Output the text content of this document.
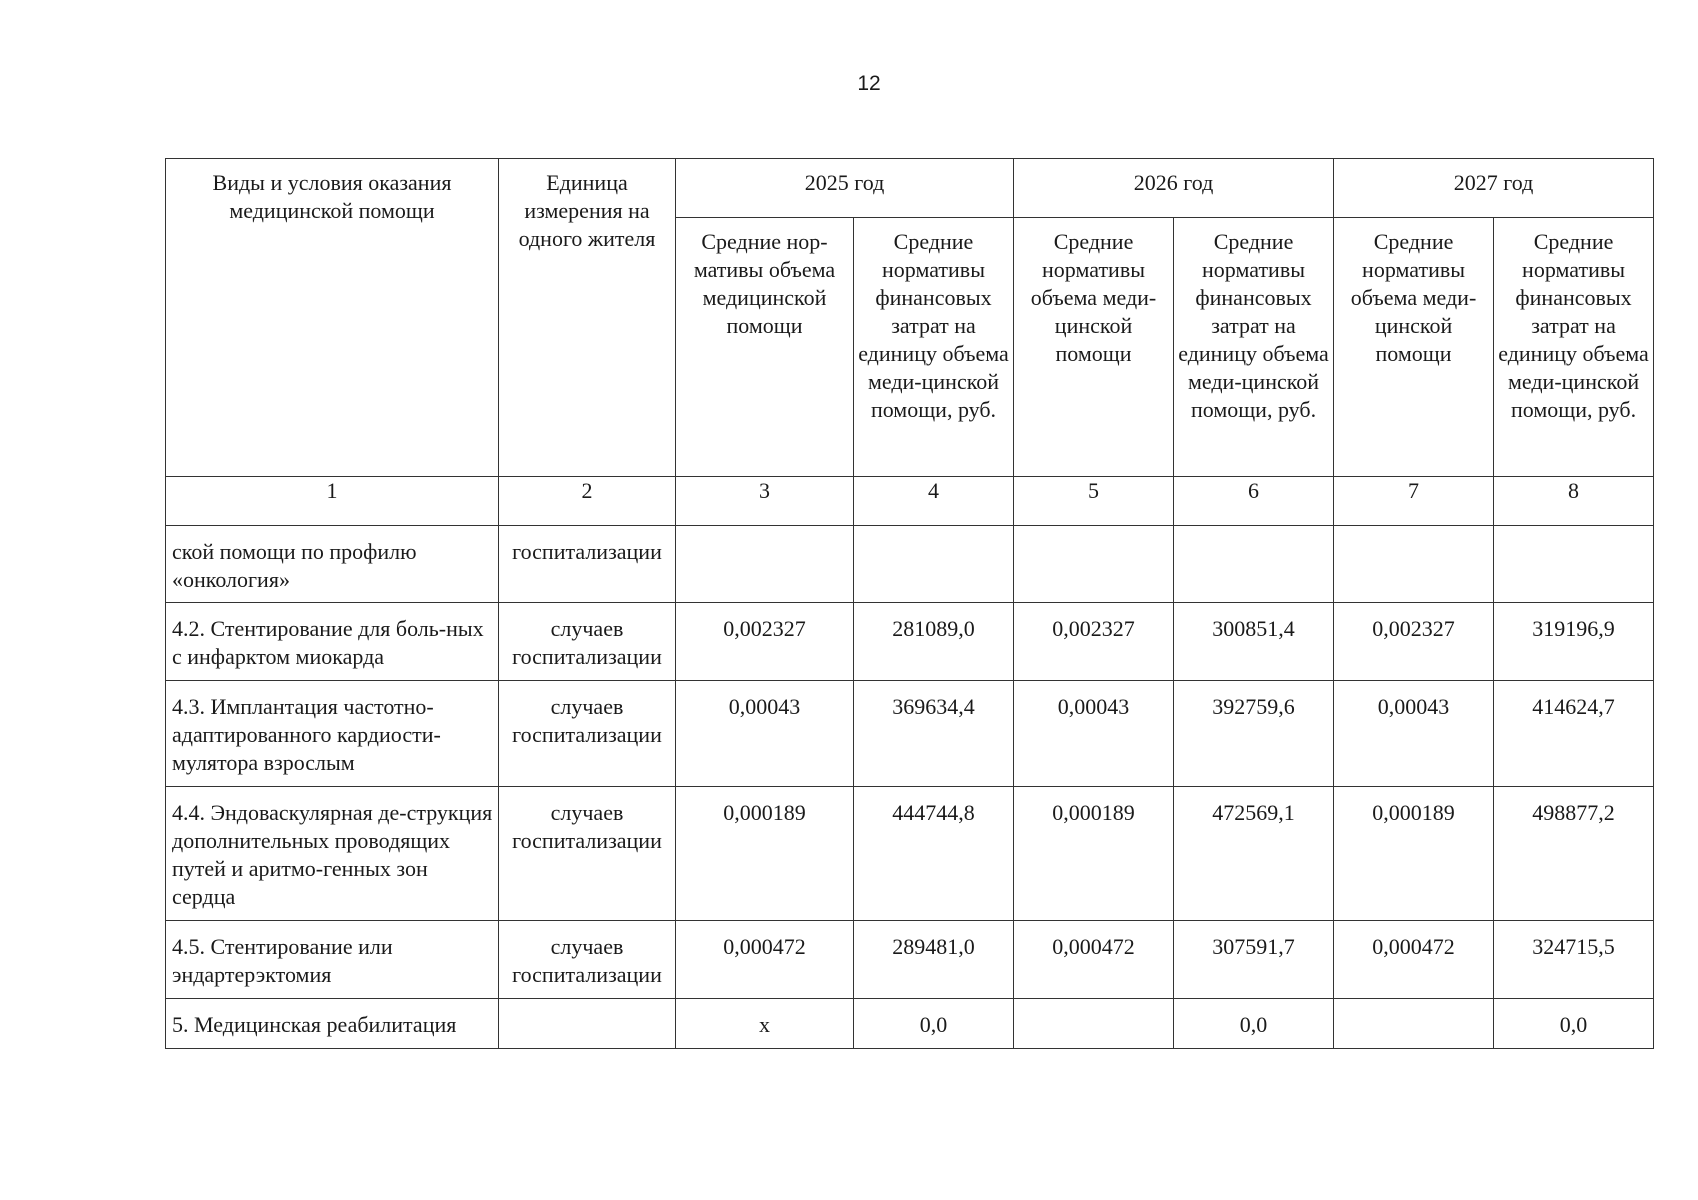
12
Виды и условия оказания медицинской помощи	Единица измерения на одного жителя	2025 год		2026 год		2027 год	
		Средние нор-мативы объема медицинской помощи	Средние нормативы финансовых затрат на единицу объема меди-цинской помощи, руб.	Средние нормативы объема меди-цинской помощи	Средние нормативы финансовых затрат на единицу объема меди-цинской помощи, руб.	Средние нормативы объема меди-цинской помощи	Средние нормативы финансовых затрат на единицу объема меди-цинской помощи, руб.
1	2	3	4	5	6	7	8
ской помощи по профилю «онкология»	госпитализации						
4.2. Стентирование для боль-ных с инфарктом миокарда	случаев госпитализации	0,002327	281089,0	0,002327	300851,4	0,002327	319196,9
4.3. Имплантация частотно-адаптированного кардиости-мулятора взрослым	случаев госпитализации	0,00043	369634,4	0,00043	392759,6	0,00043	414624,7
4.4. Эндоваскулярная де-струкция дополнительных проводящих путей и аритмо-генных зон сердца	случаев госпитализации	0,000189	444744,8	0,000189	472569,1	0,000189	498877,2
4.5. Стентирование или эндартерэктомия	случаев госпитализации	0,000472	289481,0	0,000472	307591,7	0,000472	324715,5
5. Медицинская реабилитация		х	0,0		0,0		0,0
